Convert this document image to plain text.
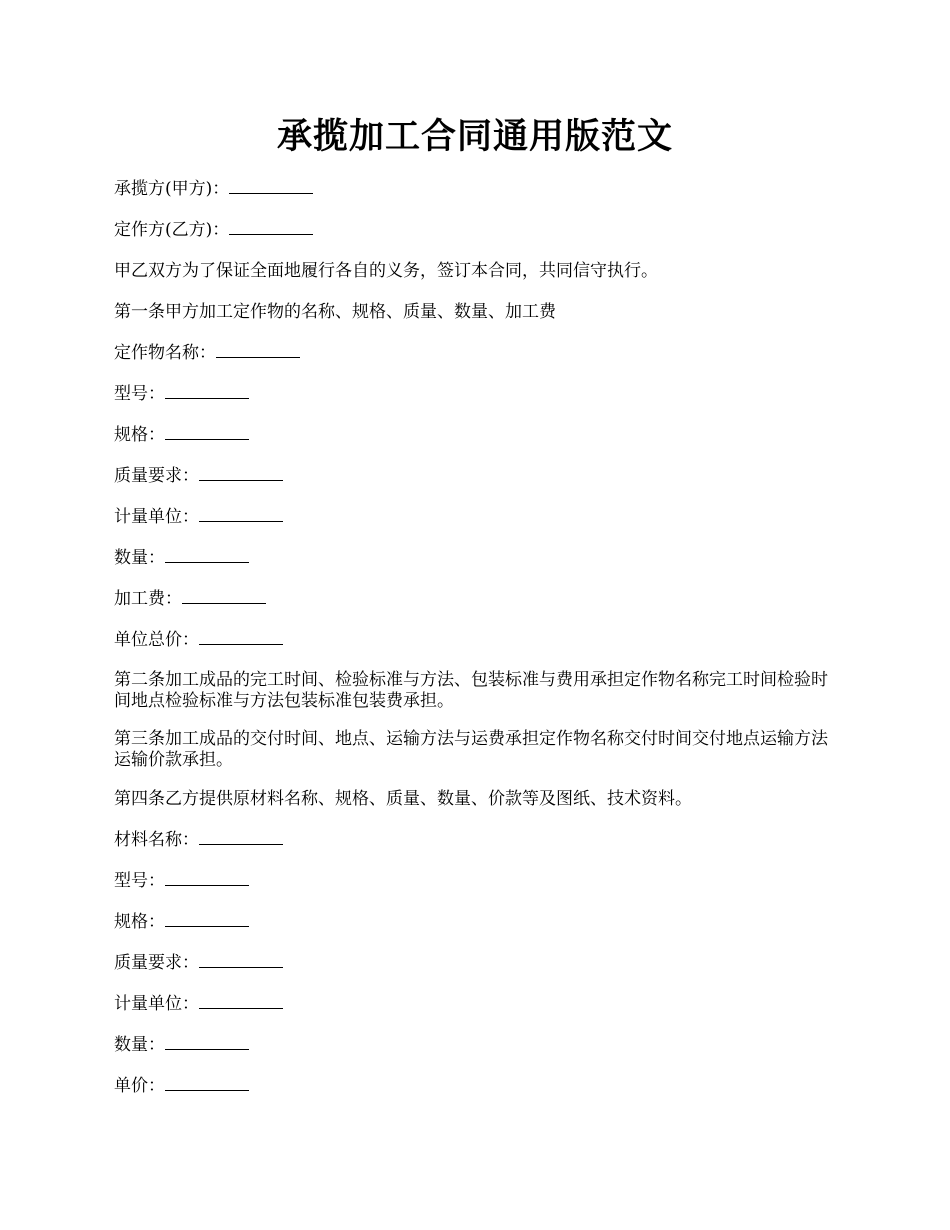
承揽加工合同通用版范文

承揽方(甲方)：

定作方(乙方)：

甲乙双方为了保证全面地履行各自的义务，签订本合同，共同信守执行。

第一条甲方加工定作物的名称、规格、质量、数量、加工费

定作物名称：

型号：

规格：

质量要求：

计量单位：

数量：

加工费：

单位总价：

第二条加工成品的完工时间、检验标准与方法、包装标准与费用承担定作物名称完工时间检验时间地点检验标准与方法包装标准包装费承担。

第三条加工成品的交付时间、地点、运输方法与运费承担定作物名称交付时间交付地点运输方法运输价款承担。

第四条乙方提供原材料名称、规格、质量、数量、价款等及图纸、技术资料。

材料名称：

型号：

规格：

质量要求：

计量单位：

数量：

单价：
